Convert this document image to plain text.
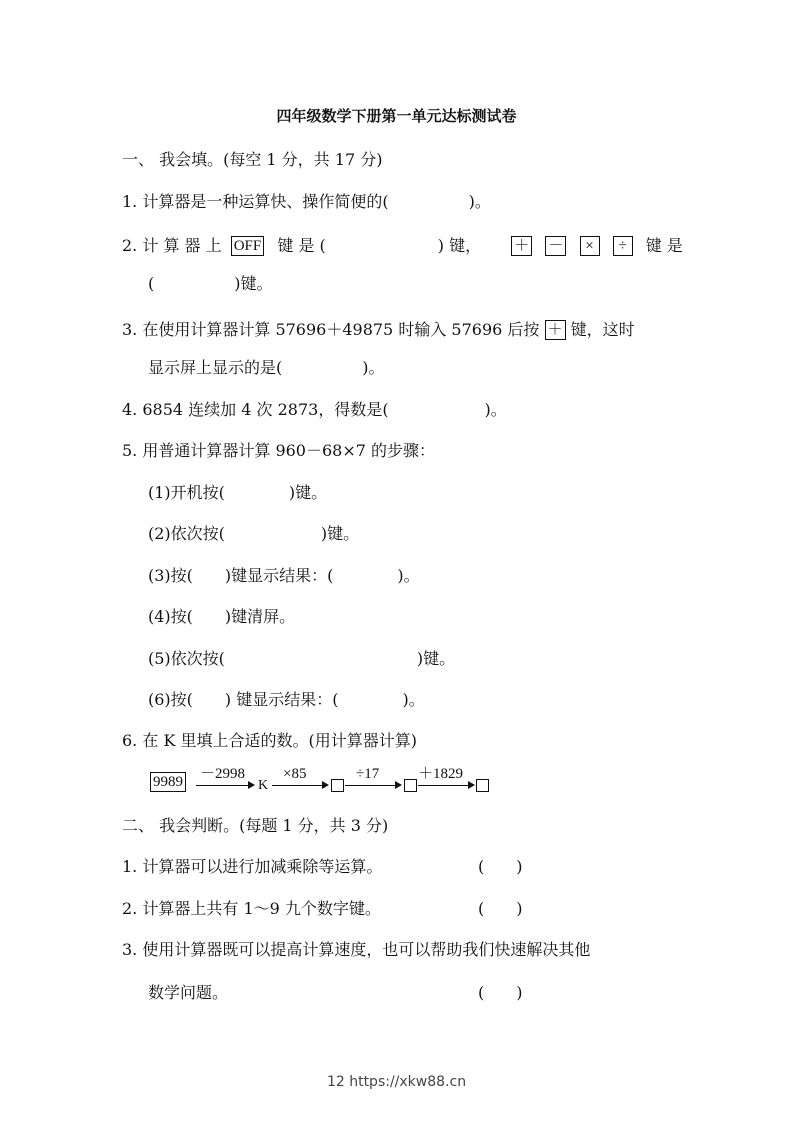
四年级数学下册第一单元达标测试卷
一、 我会填。(每空 1 分，共 17 分)
1. 计算器是一种运算快、操作简便的(　　　　　)。
2. 计 算 器 上 OFF 键 是 (　　　　　　　) 键， ＋ － × ÷ 键 是
(　　　　　)键。
3. 在使用计算器计算 57696＋49875 时输入 57696 后按 ＋ 键，这时
显示屏上显示的是(　　　　　)。
4. 6854 连续加 4 次 2873，得数是(　　　　　　)。
5. 用普通计算器计算 960－68×7 的步骤：
(1)开机按(　　　　)键。
(2)依次按(　　　　　　)键。
(3)按(　　)键显示结果：(　　　　)。
(4)按(　　)键清屏。
(5)依次按(　　　　　　　　　　　　)键。
(6)按(　　) 键显示结果：(　　　　)。
6. 在 K 里填上合适的数。(用计算器计算)
9989 －2998
K
×85	÷17	＋1829
二、 我会判断。(每题 1 分，共 3 分)
1. 计算器可以进行加减乘除等运算。	(　　)
2. 计算器上共有 1～9 九个数字键。	(　　)
3. 使用计算器既可以提高计算速度，也可以帮助我们快速解决其他
数学问题。	(　　)
12 https://xkw88.cn
